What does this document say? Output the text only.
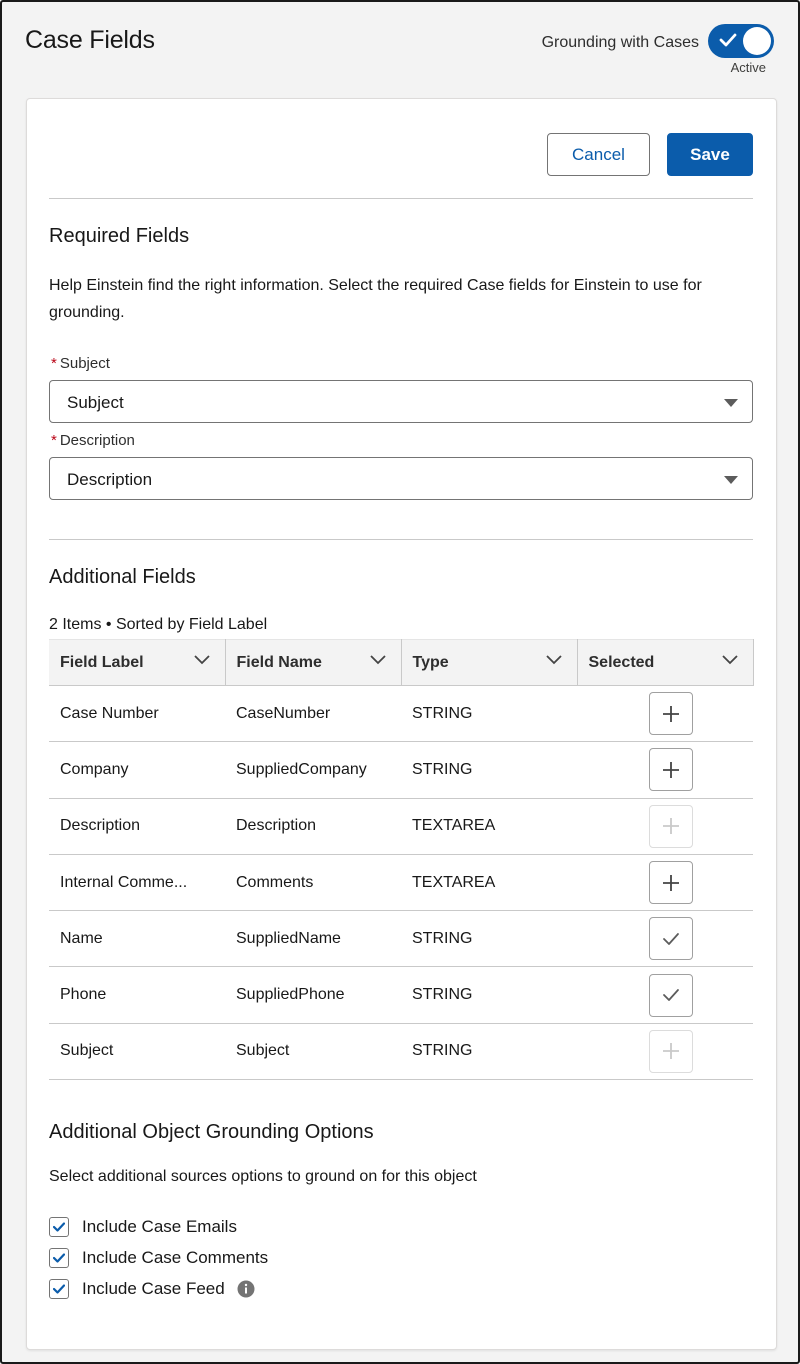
Case Fields	Grounding with Cases
Active
Cancel	Save
Required Fields
Help Einstein find the right information. Select the required Case fields for Einstein to use for grounding.
* Subject
Subject
* Description
Description
Additional Fields
2 Items • Sorted by Field Label
Field Label	Field Name	Type	Selected

Case Number	CaseNumber	STRING	

Company	SuppliedCompany	STRING	

Description	Description	TEXTAREA	

Internal Comme...	Comments	TEXTAREA	

Name	SuppliedName	STRING	

Phone	SuppliedPhone	STRING	

Subject	Subject	STRING	
Additional Object Grounding Options
Select additional sources options to ground on for this object
Include Case Emails
Include Case Comments
Include Case Feed
